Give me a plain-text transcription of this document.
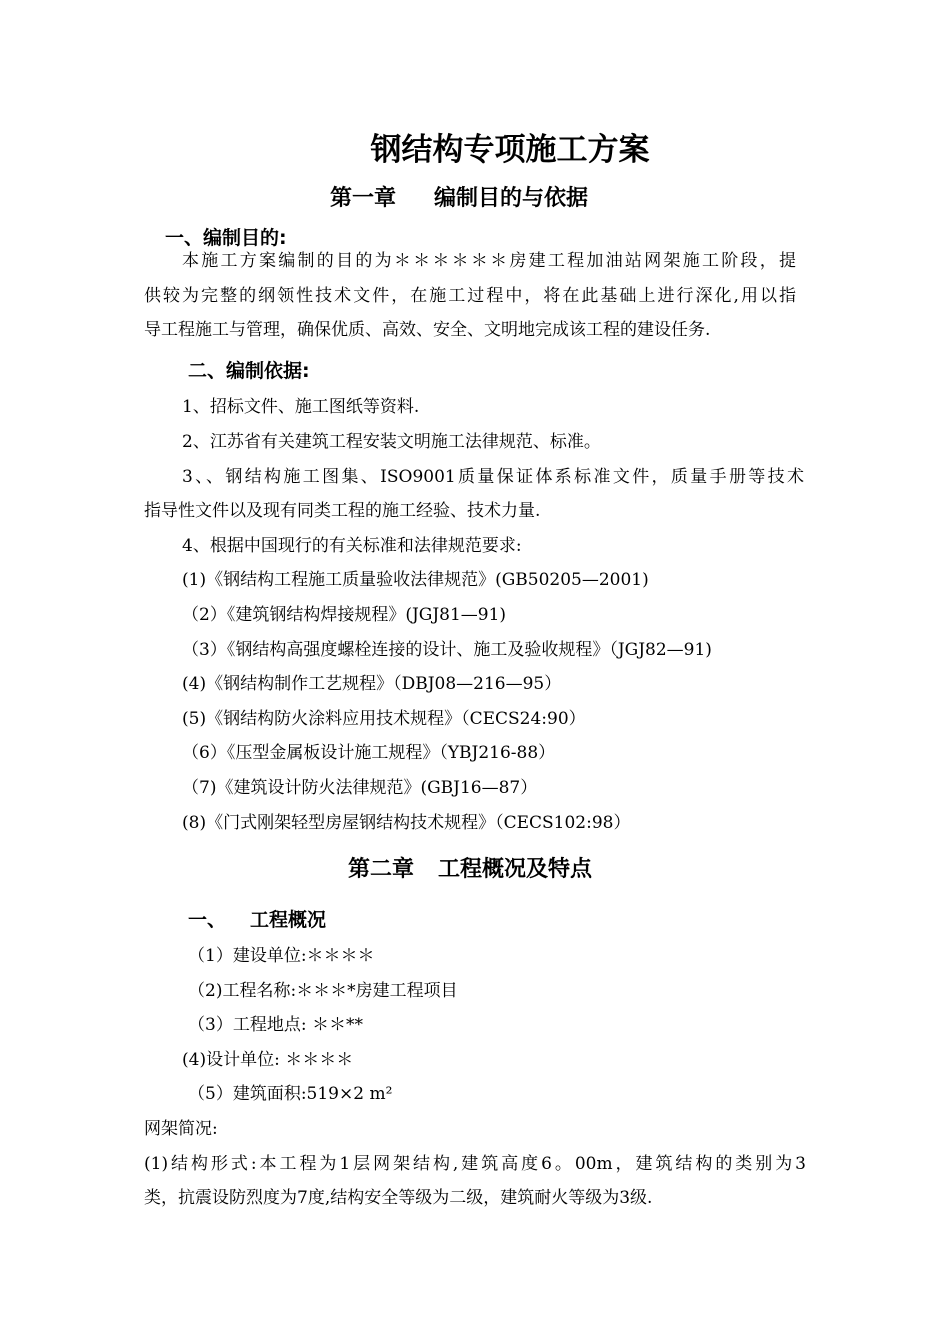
钢结构专项施工方案
第一章 编制目的与依据
一、编制目的:
本施工方案编制的目的为＊＊＊＊＊＊房建工程加油站网架施工阶段，提
供较为完整的纲领性技术文件，在施工过程中，将在此基础上进行深化,用以指
导工程施工与管理，确保优质、高效、安全、文明地完成该工程的建设任务.
二、编制依据:
1、招标文件、施工图纸等资料.
2、江苏省有关建筑工程安装文明施工法律规范、标准。
3、、钢结构施工图集、ISO9001质量保证体系标准文件，质量手册等技术
指导性文件以及现有同类工程的施工经验、技术力量.
4、根据中国现行的有关标准和法律规范要求:
(1)《钢结构工程施工质量验收法律规范》(GB50205—2001)
（2）《建筑钢结构焊接规程》(JGJ81—91)
（3）《钢结构高强度螺栓连接的设计、施工及验收规程》（JGJ82—91)
(4)《钢结构制作工艺规程》（DBJ08—216—95）
(5)《钢结构防火涂料应用技术规程》（CECS24:90）
（6）《压型金属板设计施工规程》（YBJ216-88）
（7)《建筑设计防火法律规范》(GBJ16—87）
(8)《门式刚架轻型房屋钢结构技术规程》（CECS102:98）
第二章 工程概况及特点
一、 工程概况
（1）建设单位:＊＊＊＊
（2)工程名称:＊＊＊*房建工程项目
（3）工程地点: ＊＊**
(4)设计单位: ＊＊＊＊
（5）建筑面积:519×2 m²
网架简况:
(1)结构形式:本工程为1层网架结构,建筑高度6。00m，建筑结构的类别为3
类，抗震设防烈度为7度,结构安全等级为二级，建筑耐火等级为3级.
